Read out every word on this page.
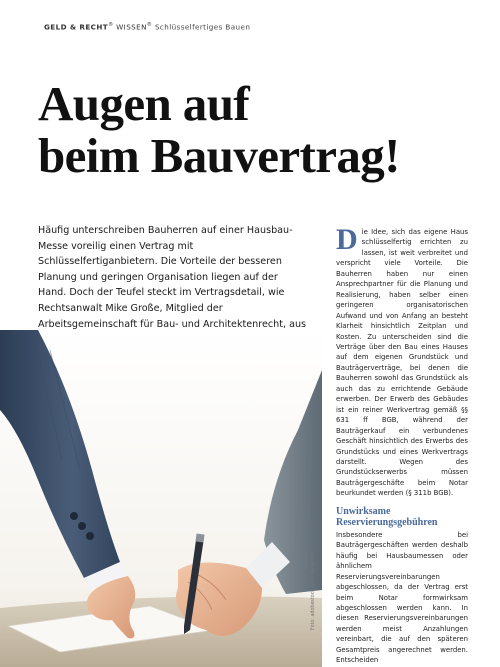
GELD & RECHT® WISSEN® Schlüsselfertiges Bauen
Augen auf
beim Bauvertrag!

Häufig unterschreiben Bauherren auf einer Hausbau-Messe voreilig einen Vertrag mit Schlüsselfertiganbietern. Die Vorteile der besseren Planung und geringen Organisation liegen auf der Hand. Doch der Teufel steckt im Vertragsdetail, wie Rechtsanwalt Mike Große, Mitglied der Arbeitsgemeinschaft für Bau- und Architektenrecht, aus

Foto: adobestock.com, deagreez

Die Idee, sich das eigene Haus schlüsselfertig errichten zu lassen, ist weit verbreitet und verspricht viele Vorteile. Die Bauherren haben nur einen Ansprechpartner für die Planung und Realisierung, haben selber einen geringeren organisatorischen Aufwand und von Anfang an besteht Klarheit hinsichtlich Zeitplan und Kosten. Zu unterscheiden sind die Verträge über den Bau eines Hauses auf dem eigenen Grundstück und Bauträgerverträge, bei denen die Bauherren sowohl das Grundstück als auch das zu errichtende Gebäude erwerben. Der Erwerb des Gebäudes ist ein reiner Werkvertrag gemäß §§ 631 ff BGB, während der Bauträgerkauf ein verbundenes Geschäft hinsichtlich des Erwerbs des Grundstücks und eines Werkvertrags darstellt. Wegen des Grundstückserwerbs müssen Bauträgergeschäfte beim Notar beurkundet werden (§ 311b BGB).

Unwirksame Reservierungsgebühren

Insbesondere bei Bauträgergeschäften werden deshalb häufig bei Hausbaumessen oder ähnlichem Reservierungsvereinbarungen abgeschlossen, da der Vertrag erst beim Notar formwirksam abgeschlossen werden kann. In diesen Reservierungsvereinbarungen werden meist Anzahlungen vereinbart, die auf den späteren Gesamtpreis angerechnet werden. Entscheiden
